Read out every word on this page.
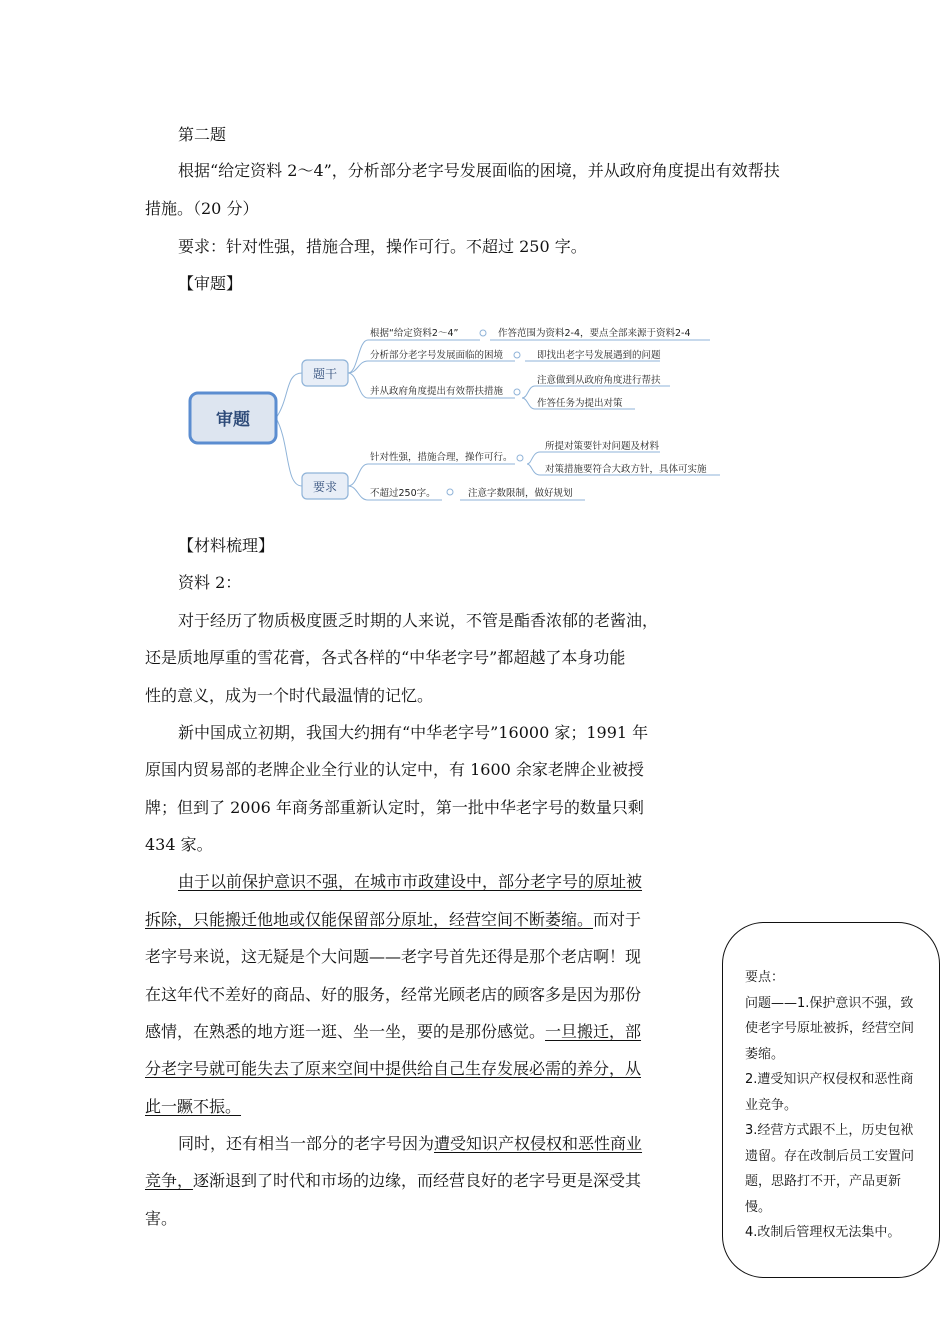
第二题
根据“给定资料 2～4”，分析部分老字号发展面临的困境，并从政府角度提出有效帮扶
措施。（20 分）
要求：针对性强，措施合理，操作可行。不超过 250 字。
【审题】
审题
题干
根据“给定资料2～4”
分析部分老字号发展面临的困境
并从政府角度提出有效帮扶措施
作答范围为资料2-4，要点全部来源于资料2-4
即找出老字号发展遇到的问题
注意做到从政府角度进行帮扶
作答任务为提出对策
要求
针对性强，措施合理，操作可行。
不超过250字。
所提对策要针对问题及材料
对策措施要符合大政方针，具体可实施
注意字数限制，做好规划
【材料梳理】
资料 2：
对于经历了物质极度匮乏时期的人来说，不管是酯香浓郁的老酱油，
还是质地厚重的雪花膏，各式各样的“中华老字号”都超越了本身功能
性的意义，成为一个时代最温情的记忆。
新中国成立初期，我国大约拥有“中华老字号”16000 家；1991 年
原国内贸易部的老牌企业全行业的认定中，有 1600 余家老牌企业被授
牌；但到了 2006 年商务部重新认定时，第一批中华老字号的数量只剩
434 家。
由于以前保护意识不强，在城市市政建设中，部分老字号的原址被
拆除，只能搬迁他地或仅能保留部分原址，经营空间不断萎缩。而对于
老字号来说，这无疑是个大问题——老字号首先还得是那个老店啊！现
在这年代不差好的商品、好的服务，经常光顾老店的顾客多是因为那份
感情，在熟悉的地方逛一逛、坐一坐，要的是那份感觉。一旦搬迁，部
分老字号就可能失去了原来空间中提供给自己生存发展必需的养分，从
此一蹶不振。
同时，还有相当一部分的老字号因为遭受知识产权侵权和恶性商业
竞争，逐渐退到了时代和市场的边缘，而经营良好的老字号更是深受其
害。
要点：
问题——1.保护意识不强，致使老字号原址被拆，经营空间萎缩。
2.遭受知识产权侵权和恶性商业竞争。
3.经营方式跟不上，历史包袱遗留。存在改制后员工安置问题，思路打不开，产品更新慢。
4.改制后管理权无法集中。
